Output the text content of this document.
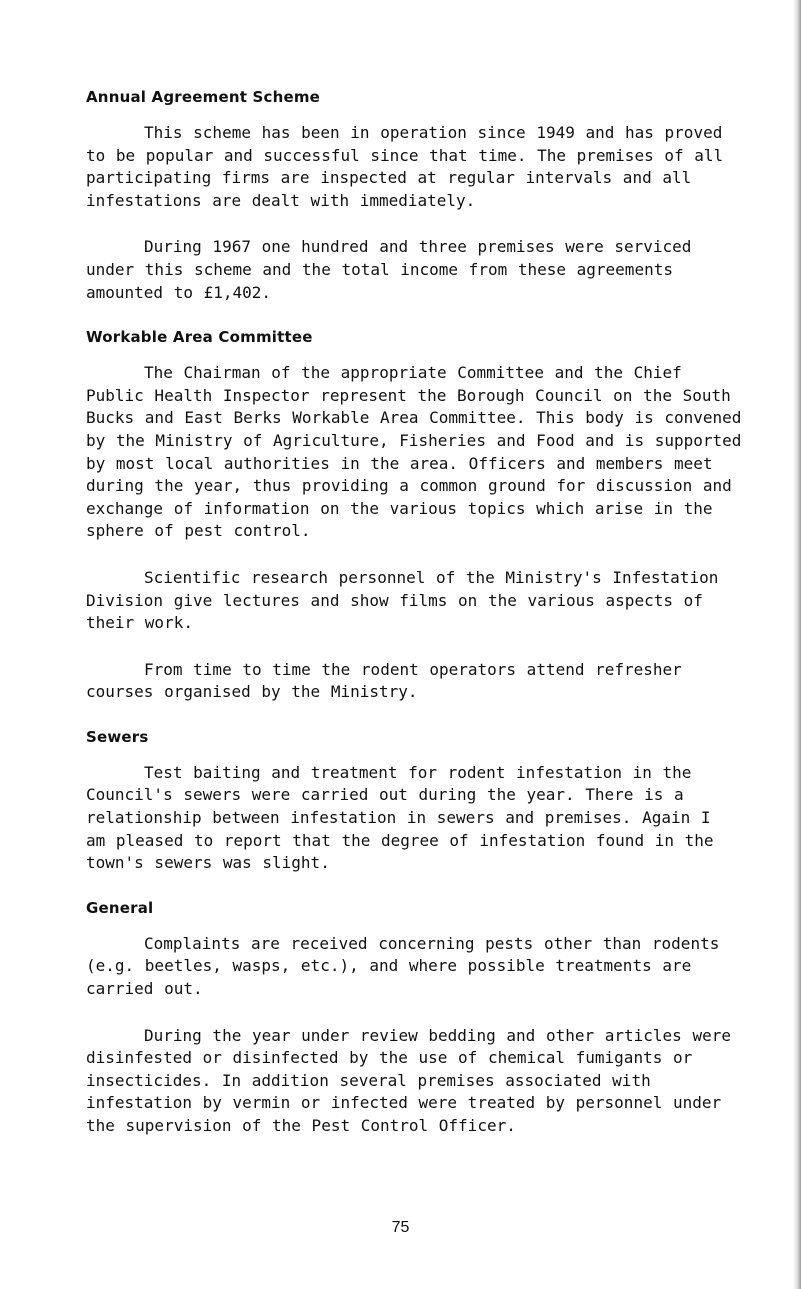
Annual Agreement Scheme

This scheme has been in operation since 1949 and has proved
to be popular and successful since that time. The premises of all
participating firms are inspected at regular intervals and all
infestations are dealt with immediately.

During 1967 one hundred and three premises were serviced
under this scheme and the total income from these agreements
amounted to £1,402.

Workable Area Committee

The Chairman of the appropriate Committee and the Chief
Public Health Inspector represent the Borough Council on the South
Bucks and East Berks Workable Area Committee. This body is convened
by the Ministry of Agriculture, Fisheries and Food and is supported
by most local authorities in the area. Officers and members meet
during the year, thus providing a common ground for discussion and
exchange of information on the various topics which arise in the
sphere of pest control.

Scientific research personnel of the Ministry's Infestation
Division give lectures and show films on the various aspects of
their work.

From time to time the rodent operators attend refresher
courses organised by the Ministry.

Sewers

Test baiting and treatment for rodent infestation in the
Council's sewers were carried out during the year. There is a
relationship between infestation in sewers and premises. Again I
am pleased to report that the degree of infestation found in the
town's sewers was slight.

General

Complaints are received concerning pests other than rodents
(e.g. beetles, wasps, etc.), and where possible treatments are
carried out.

During the year under review bedding and other articles were
disinfested or disinfected by the use of chemical fumigants or
insecticides. In addition several premises associated with
infestation by vermin or infected were treated by personnel under
the supervision of the Pest Control Officer.

75
